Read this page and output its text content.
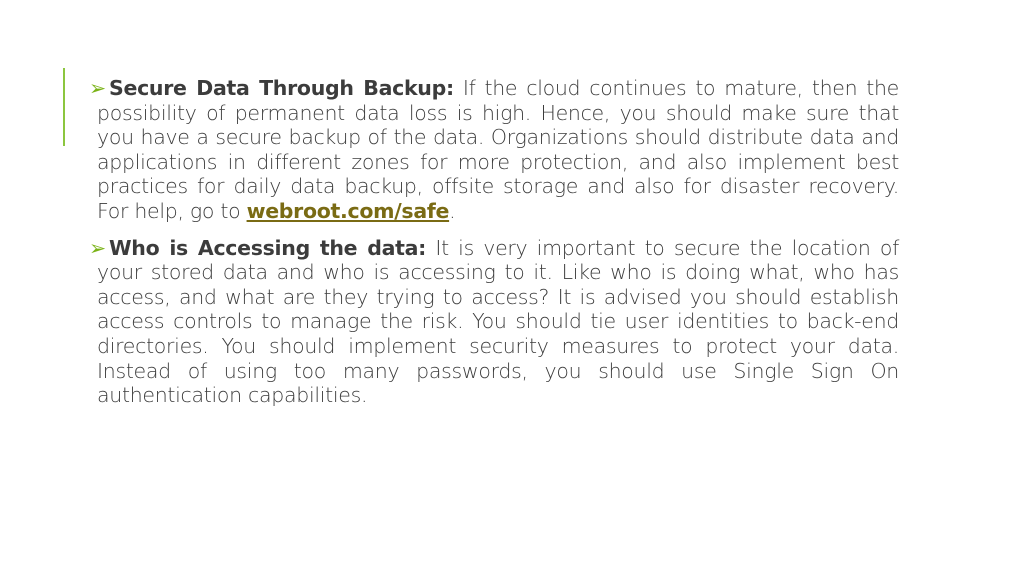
➢ Secure Data Through Backup: If the cloud continues to mature, then the possibility of permanent data loss is high. Hence, you should make sure that you have a secure backup of the data. Organizations should distribute data and applications in different zones for more protection, and also implement best practices for daily data backup, offsite storage and also for disaster recovery. For help, go to webroot.com/safe.

➢ Who is Accessing the data: It is very important to secure the location of your stored data and who is accessing to it. Like who is doing what, who has access, and what are they trying to access? It is advised you should establish access controls to manage the risk. You should tie user identities to back-end directories. You should implement security measures to protect your data. Instead of using too many passwords, you should use Single Sign On authentication capabilities.
